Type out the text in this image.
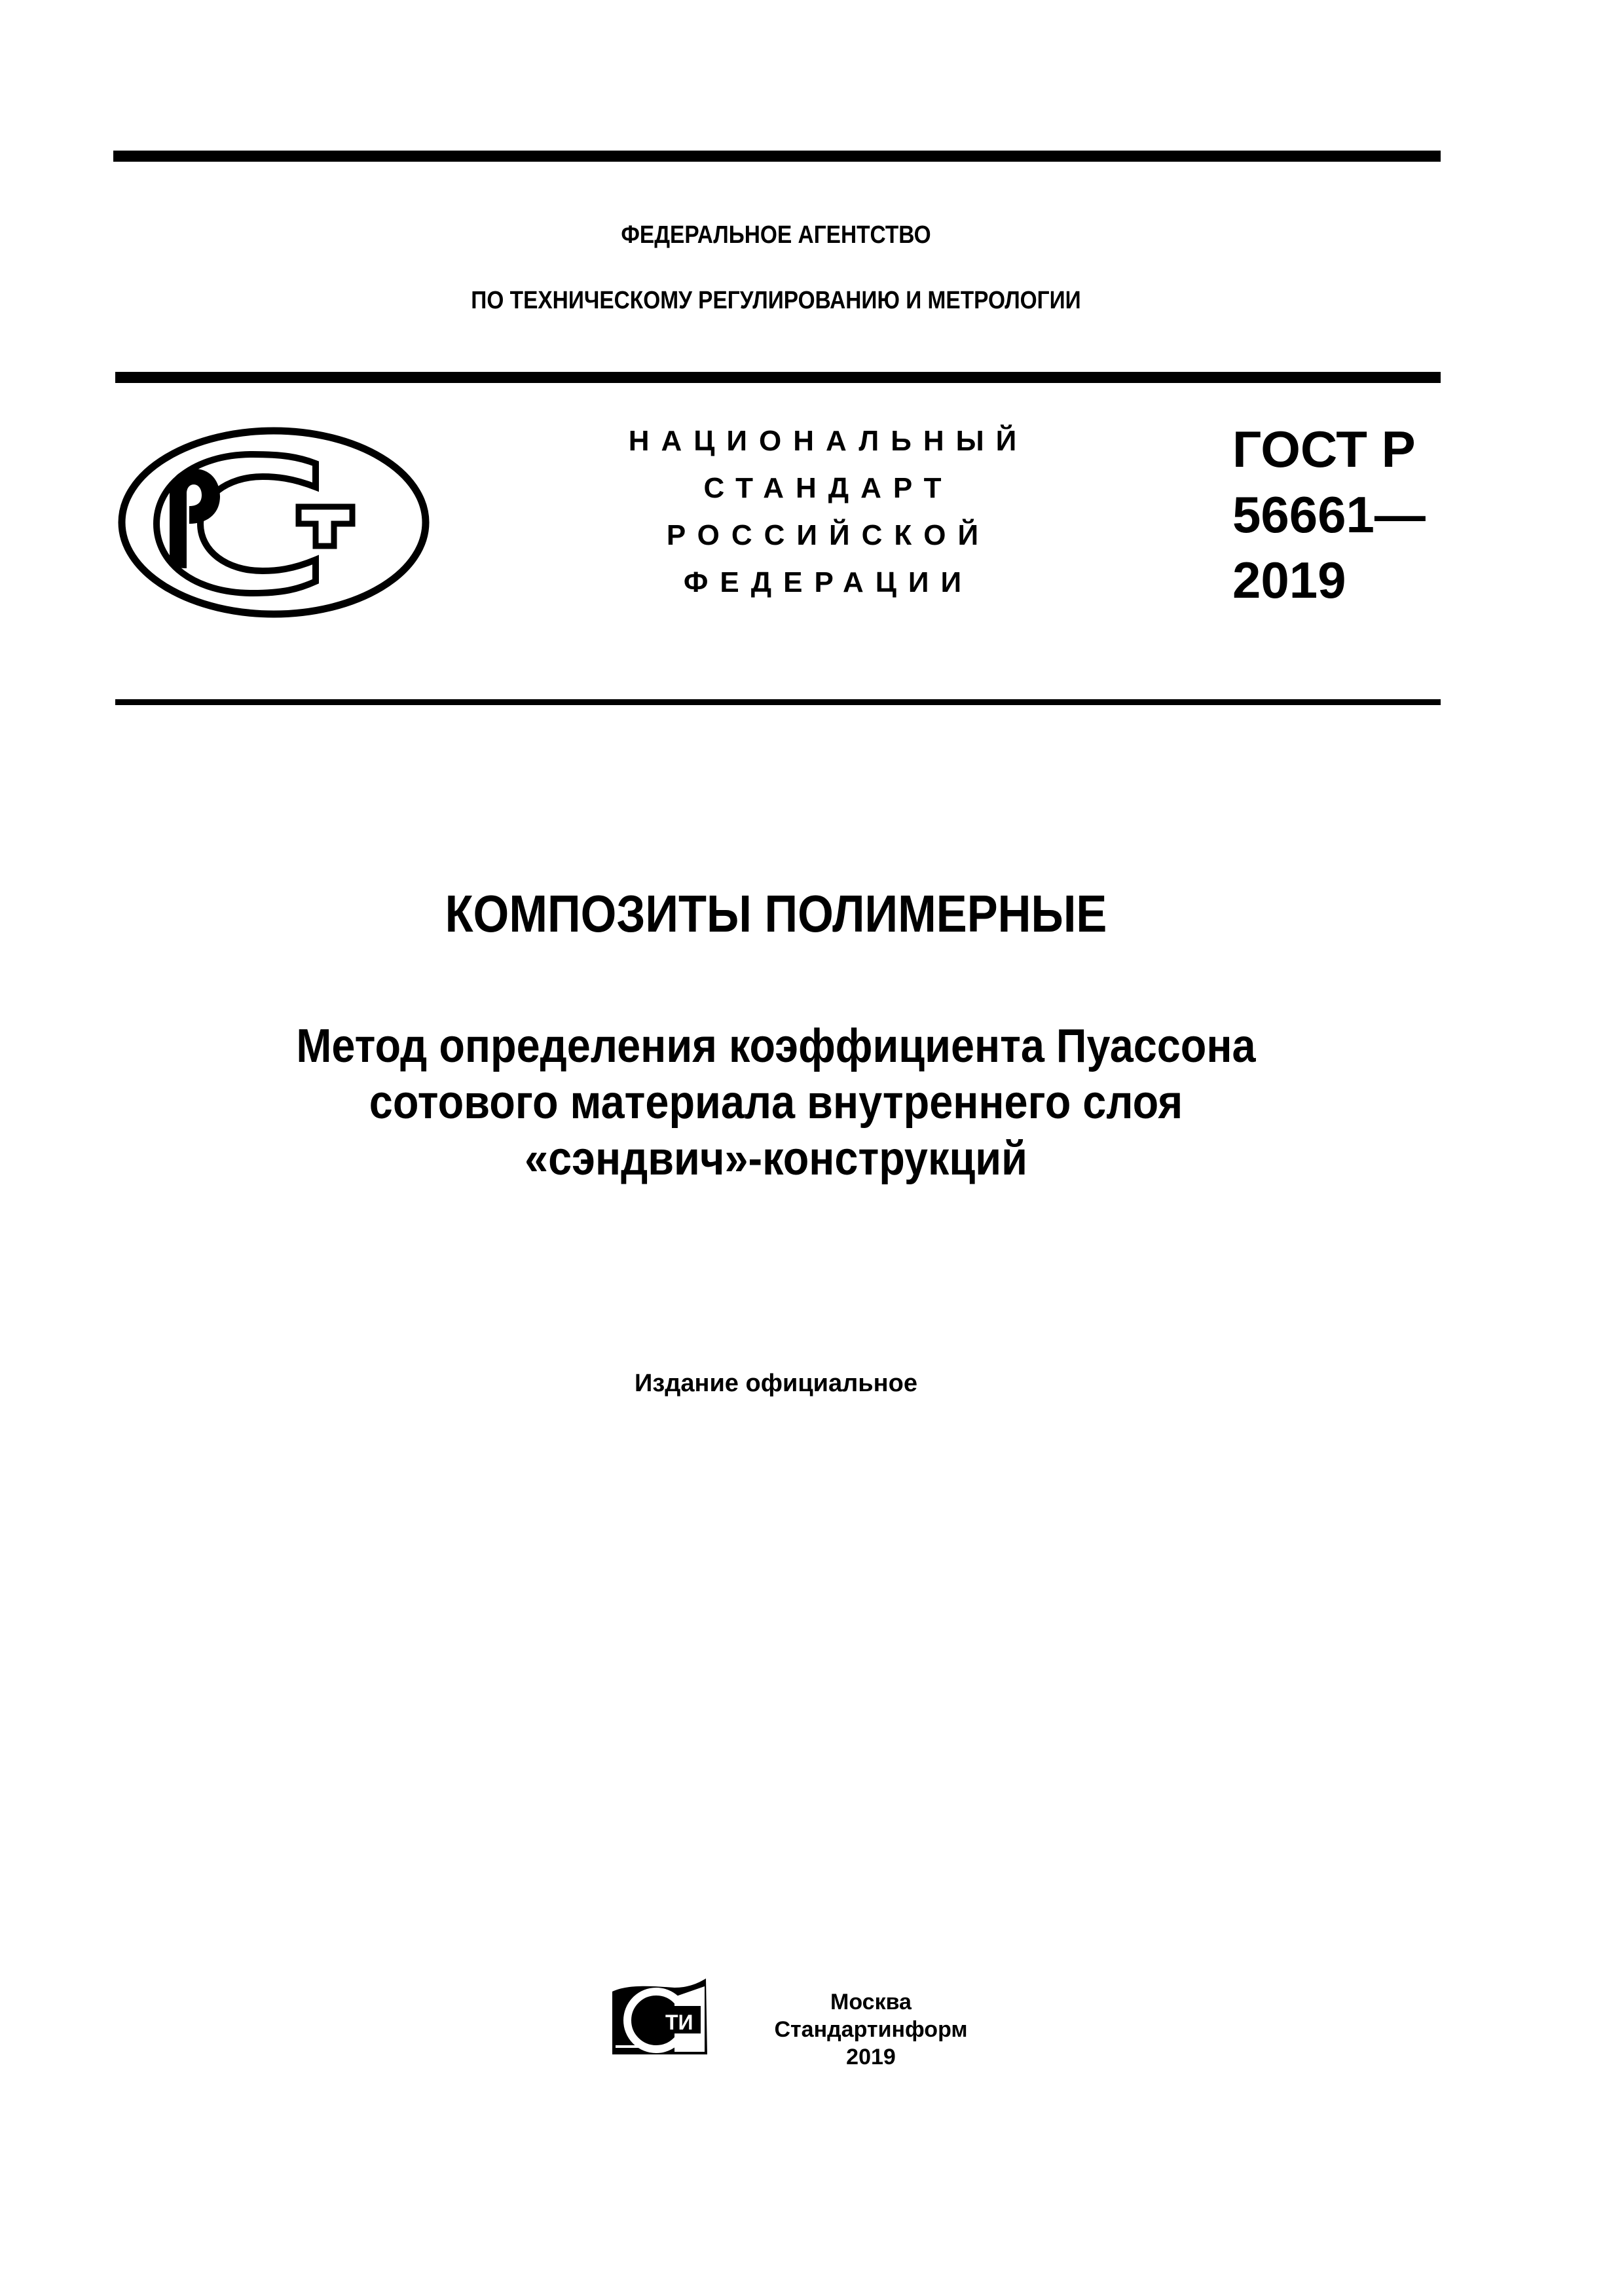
ФЕДЕРАЛЬНОЕ АГЕНТСТВО
ПО ТЕХНИЧЕСКОМУ РЕГУЛИРОВАНИЮ И МЕТРОЛОГИИ
НАЦИОНАЛЬНЫЙ
СТАНДАРТ
РОССИЙСКОЙ
ФЕДЕРАЦИИ
ГОСТ Р
56661—
2019
КОМПОЗИТЫ ПОЛИМЕРНЫЕ
Метод определения коэффициента Пуассона
сотового материала внутреннего слоя
«сэндвич»-конструкций
Издание официальное
ТИ
Москва
Стандартинформ
2019
